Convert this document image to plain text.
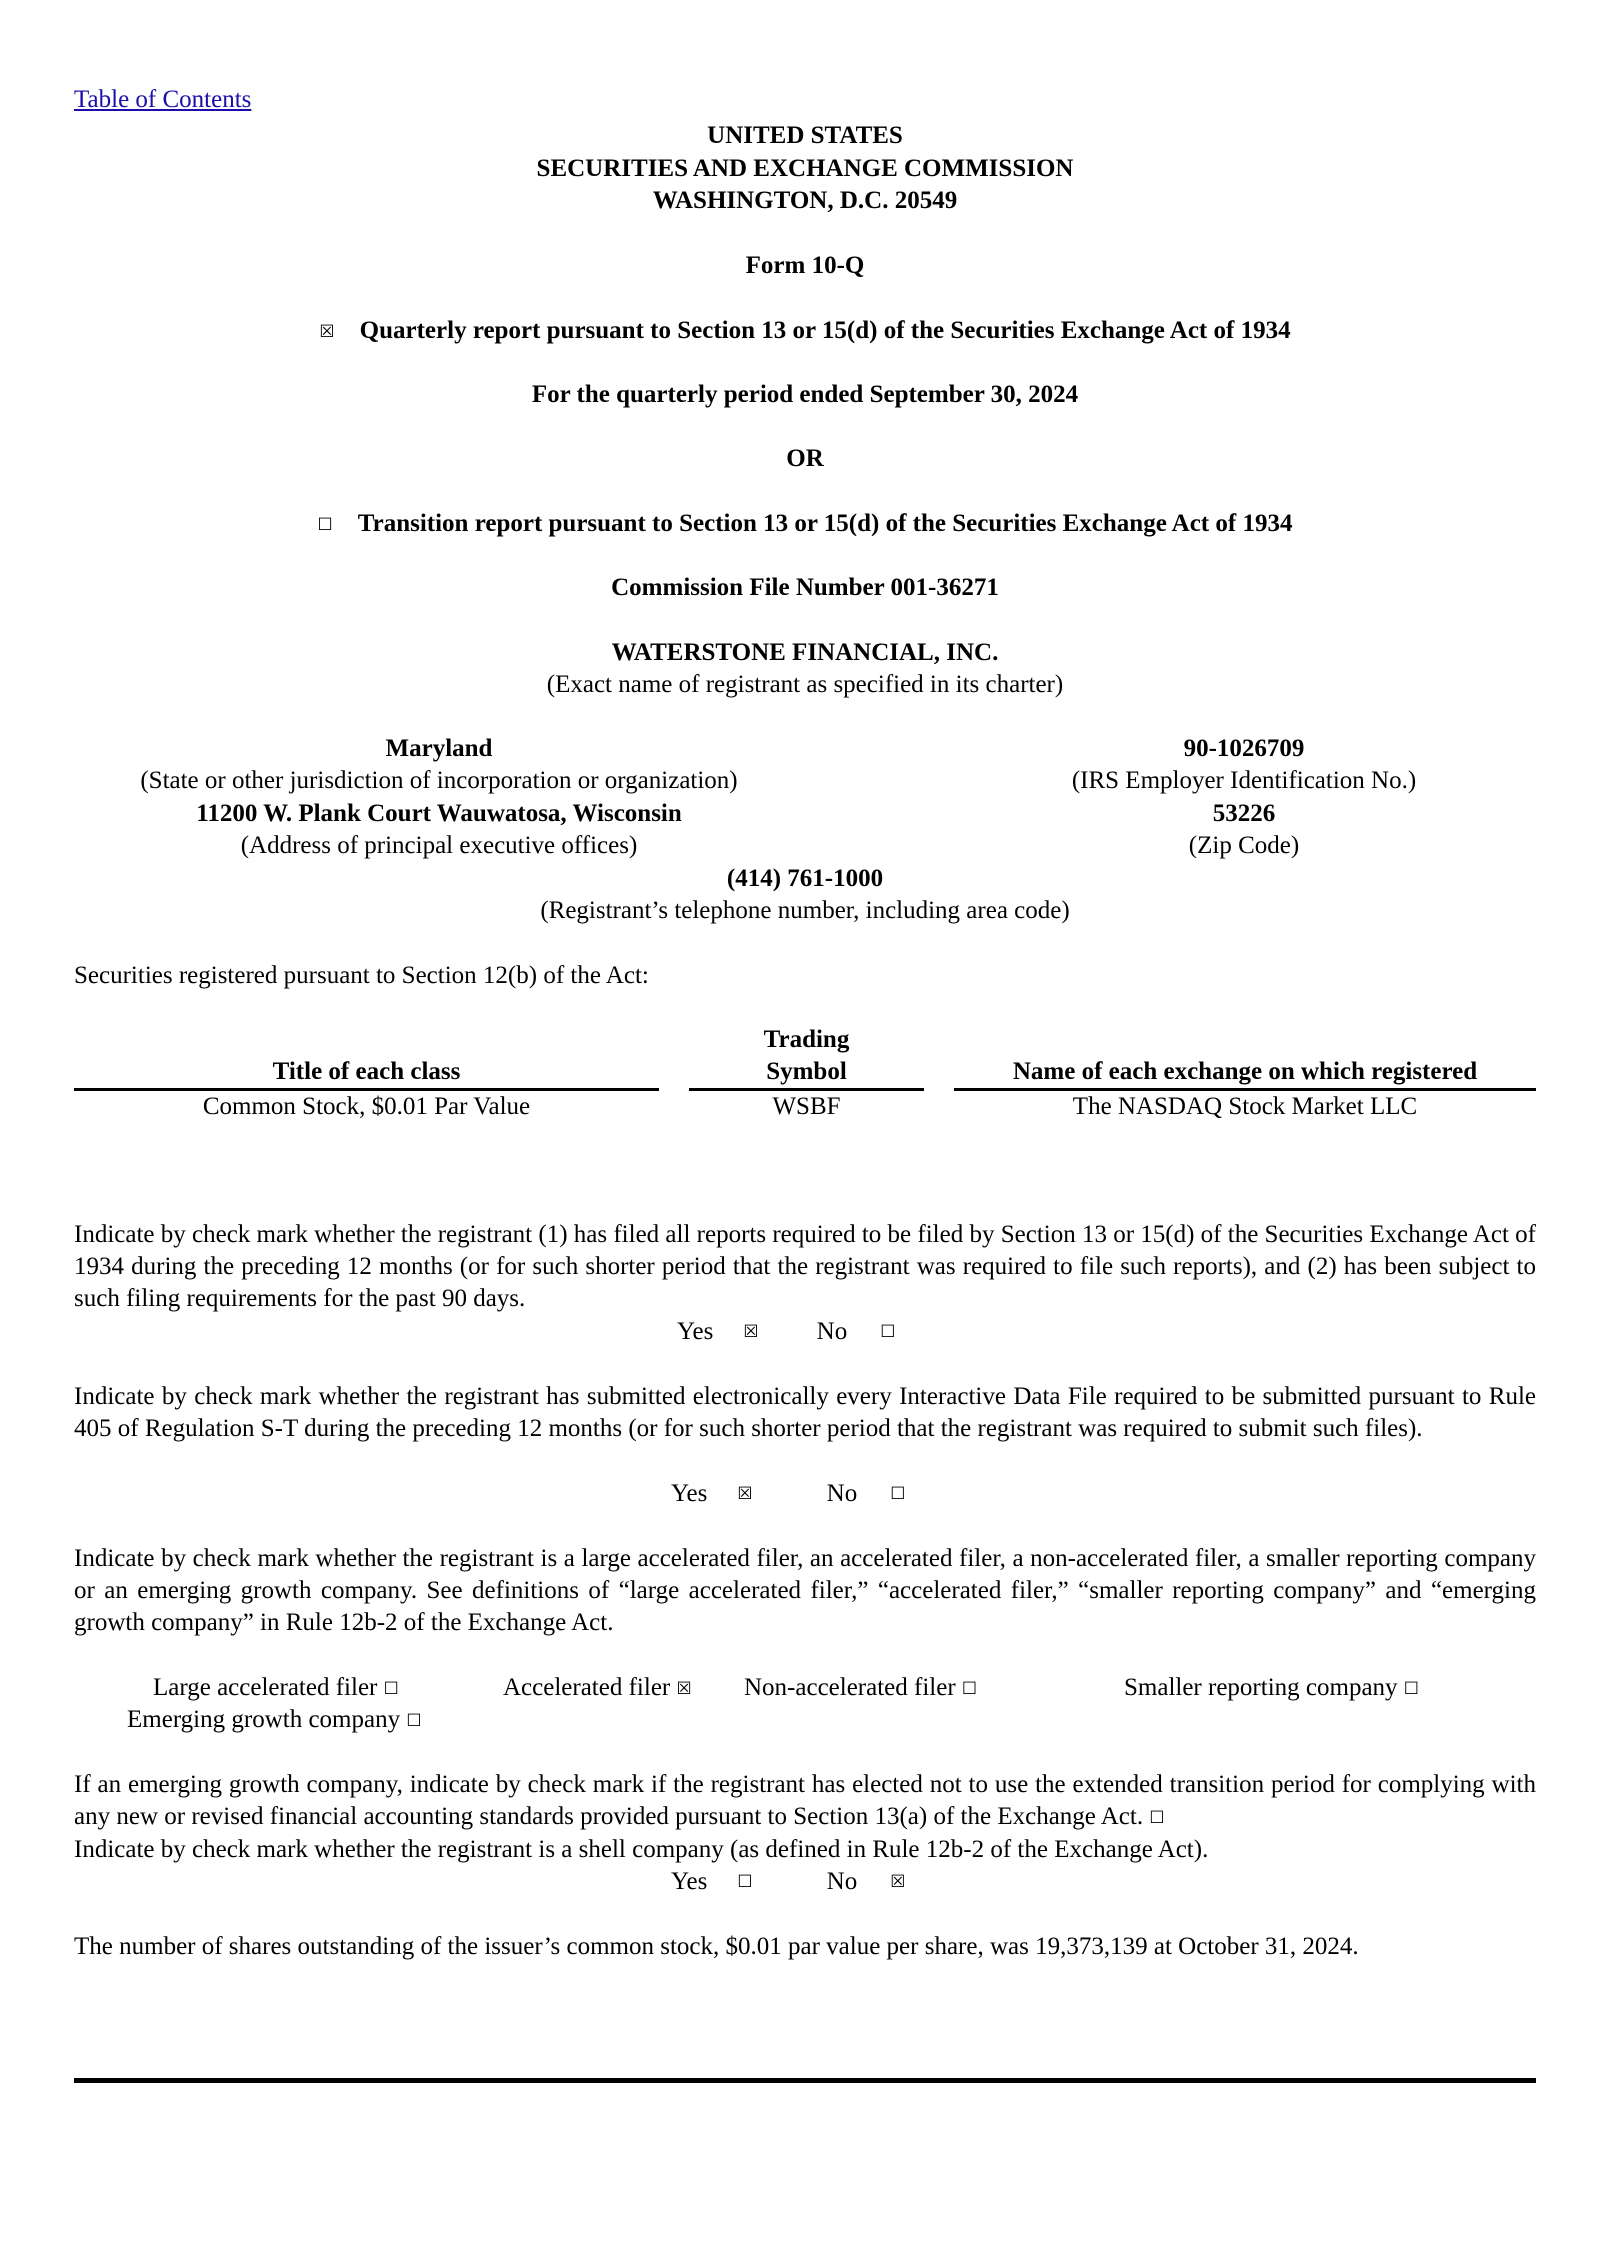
Table of Contents
UNITED STATES
SECURITIES AND EXCHANGE COMMISSION
WASHINGTON, D.C. 20549
Form 10-Q
☒ Quarterly report pursuant to Section 13 or 15(d) of the Securities Exchange Act of 1934
For the quarterly period ended September 30, 2024
OR
☐ Transition report pursuant to Section 13 or 15(d) of the Securities Exchange Act of 1934
Commission File Number 001-36271
WATERSTONE FINANCIAL, INC.
(Exact name of registrant as specified in its charter)
Maryland
(State or other jurisdiction of incorporation or organization)
90-1026709
(IRS Employer Identification No.)
11200 W. Plank Court Wauwatosa, Wisconsin
(Address of principal executive offices)
53226
(Zip Code)
(414) 761-1000
(Registrant’s telephone number, including area code)
Securities registered pursuant to Section 12(b) of the Act:
Title of each class		Trading
Symbol		Name of each exchange on which registered
Common Stock, $0.01 Par Value		WSBF		The NASDAQ Stock Market LLC
Indicate by check mark whether the registrant (1) has filed all reports required to be filed by Section 13 or 15(d) of the Securities Exchange Act of 1934 during the preceding 12 months (or for such shorter period that the registrant was required to file such reports), and (2) has been subject to such filing requirements for the past 90 days.
Yes ☒ No ☐
Indicate by check mark whether the registrant has submitted electronically every Interactive Data File required to be submitted pursuant to Rule 405 of Regulation S-T during the preceding 12 months (or for such shorter period that the registrant was required to submit such files).
Yes ☒	No ☐
Indicate by check mark whether the registrant is a large accelerated filer, an accelerated filer, a non-accelerated filer, a smaller reporting company or an emerging growth company. See definitions of “large accelerated filer,” “accelerated filer,” “smaller reporting company” and “emerging growth company” in Rule 12b-2 of the Exchange Act.
Large accelerated filer ☐	Accelerated filer ☒ Non-accelerated filer ☐	Smaller reporting company ☐
Emerging growth company ☐
If an emerging growth company, indicate by check mark if the registrant has elected not to use the extended transition period for complying with any new or revised financial accounting standards provided pursuant to Section 13(a) of the Exchange Act. ☐
Indicate by check mark whether the registrant is a shell company (as defined in Rule 12b-2 of the Exchange Act).
Yes ☐	No ☒
The number of shares outstanding of the issuer’s common stock, $0.01 par value per share, was 19,373,139 at October 31, 2024.
